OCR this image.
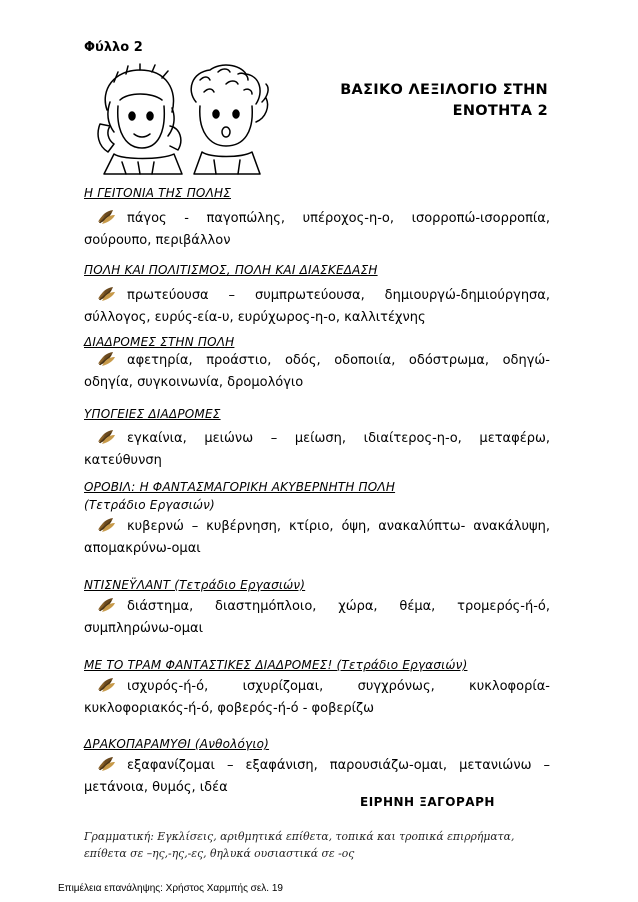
Φύλλο 2
ΒΑΣΙΚΟ ΛΕΞΙΛΟΓΙΟ ΣΤΗΝ
ΕΝΟΤΗΤΑ 2
Η ΓΕΙΤΟΝΙΑ ΤΗΣ ΠΟΛΗΣ
πάγος - παγοπώλης, υπέροχος-η-ο, ισορροπώ-ισορροπία, σούρουπο, περιβάλλον
ΠΟΛΗ ΚΑΙ ΠΟΛΙΤΙΣΜΟΣ, ΠΟΛΗ ΚΑΙ ΔΙΑΣΚΕΔΑΣΗ
πρωτεύουσα – συμπρωτεύουσα, δημιουργώ-δημιούργησα, σύλλογος, ευρύς-εία-υ, ευρύχωρος-η-ο, καλλιτέχνης
ΔΙΑΔΡΟΜΕΣ ΣΤΗΝ ΠΟΛΗ
αφετηρία, προάστιο, οδός, οδοποιία, οδόστρωμα, οδηγώ-οδηγία, συγκοινωνία, δρομολόγιο
ΥΠΟΓΕΙΕΣ ΔΙΑΔΡΟΜΕΣ
εγκαίνια, μειώνω – μείωση, ιδιαίτερος-η-ο, μεταφέρω, κατεύθυνση
ΟΡΟΒΙΛ: Η ΦΑΝΤΑΣΜΑΓΟΡΙΚΗ ΑΚΥΒΕΡΝΗΤΗ ΠΟΛΗ
(Τετράδιο Εργασιών)
κυβερνώ – κυβέρνηση, κτίριο, όψη, ανακαλύπτω- ανακάλυψη, απομακρύνω-ομαι
ΝΤΙΣΝΕΫΛΑΝΤ (Τετράδιο Εργασιών)
διάστημα, διαστημόπλοιο, χώρα, θέμα, τρομερός-ή-ό, συμπληρώνω-ομαι
ΜΕ ΤΟ ΤΡΑΜ ΦΑΝΤΑΣΤΙΚΕΣ ΔΙΑΔΡΟΜΕΣ! (Τετράδιο Εργασιών)
ισχυρός-ή-ό, ισχυρίζομαι, συγχρόνως, κυκλοφορία-κυκλοφοριακός-ή-ό, φοβερός-ή-ό - φοβερίζω
ΔΡΑΚΟΠΑΡΑΜΥΘΙ (Ανθολόγιο)
εξαφανίζομαι – εξαφάνιση, παρουσιάζω-ομαι, μετανιώνω – μετάνοια, θυμός, ιδέα
ΕΙΡΗΝΗ ΞΑΓΟΡΑΡΗ
Γραμματική: Εγκλίσεις, αριθμητικά επίθετα, τοπικά και τροπικά επιρρήματα, επίθετα σε –ης,-ης,-ες, θηλυκά ουσιαστικά σε -ος
Επιμέλεια επανάληψης: Χρήστος Χαρμπής σελ. 19
